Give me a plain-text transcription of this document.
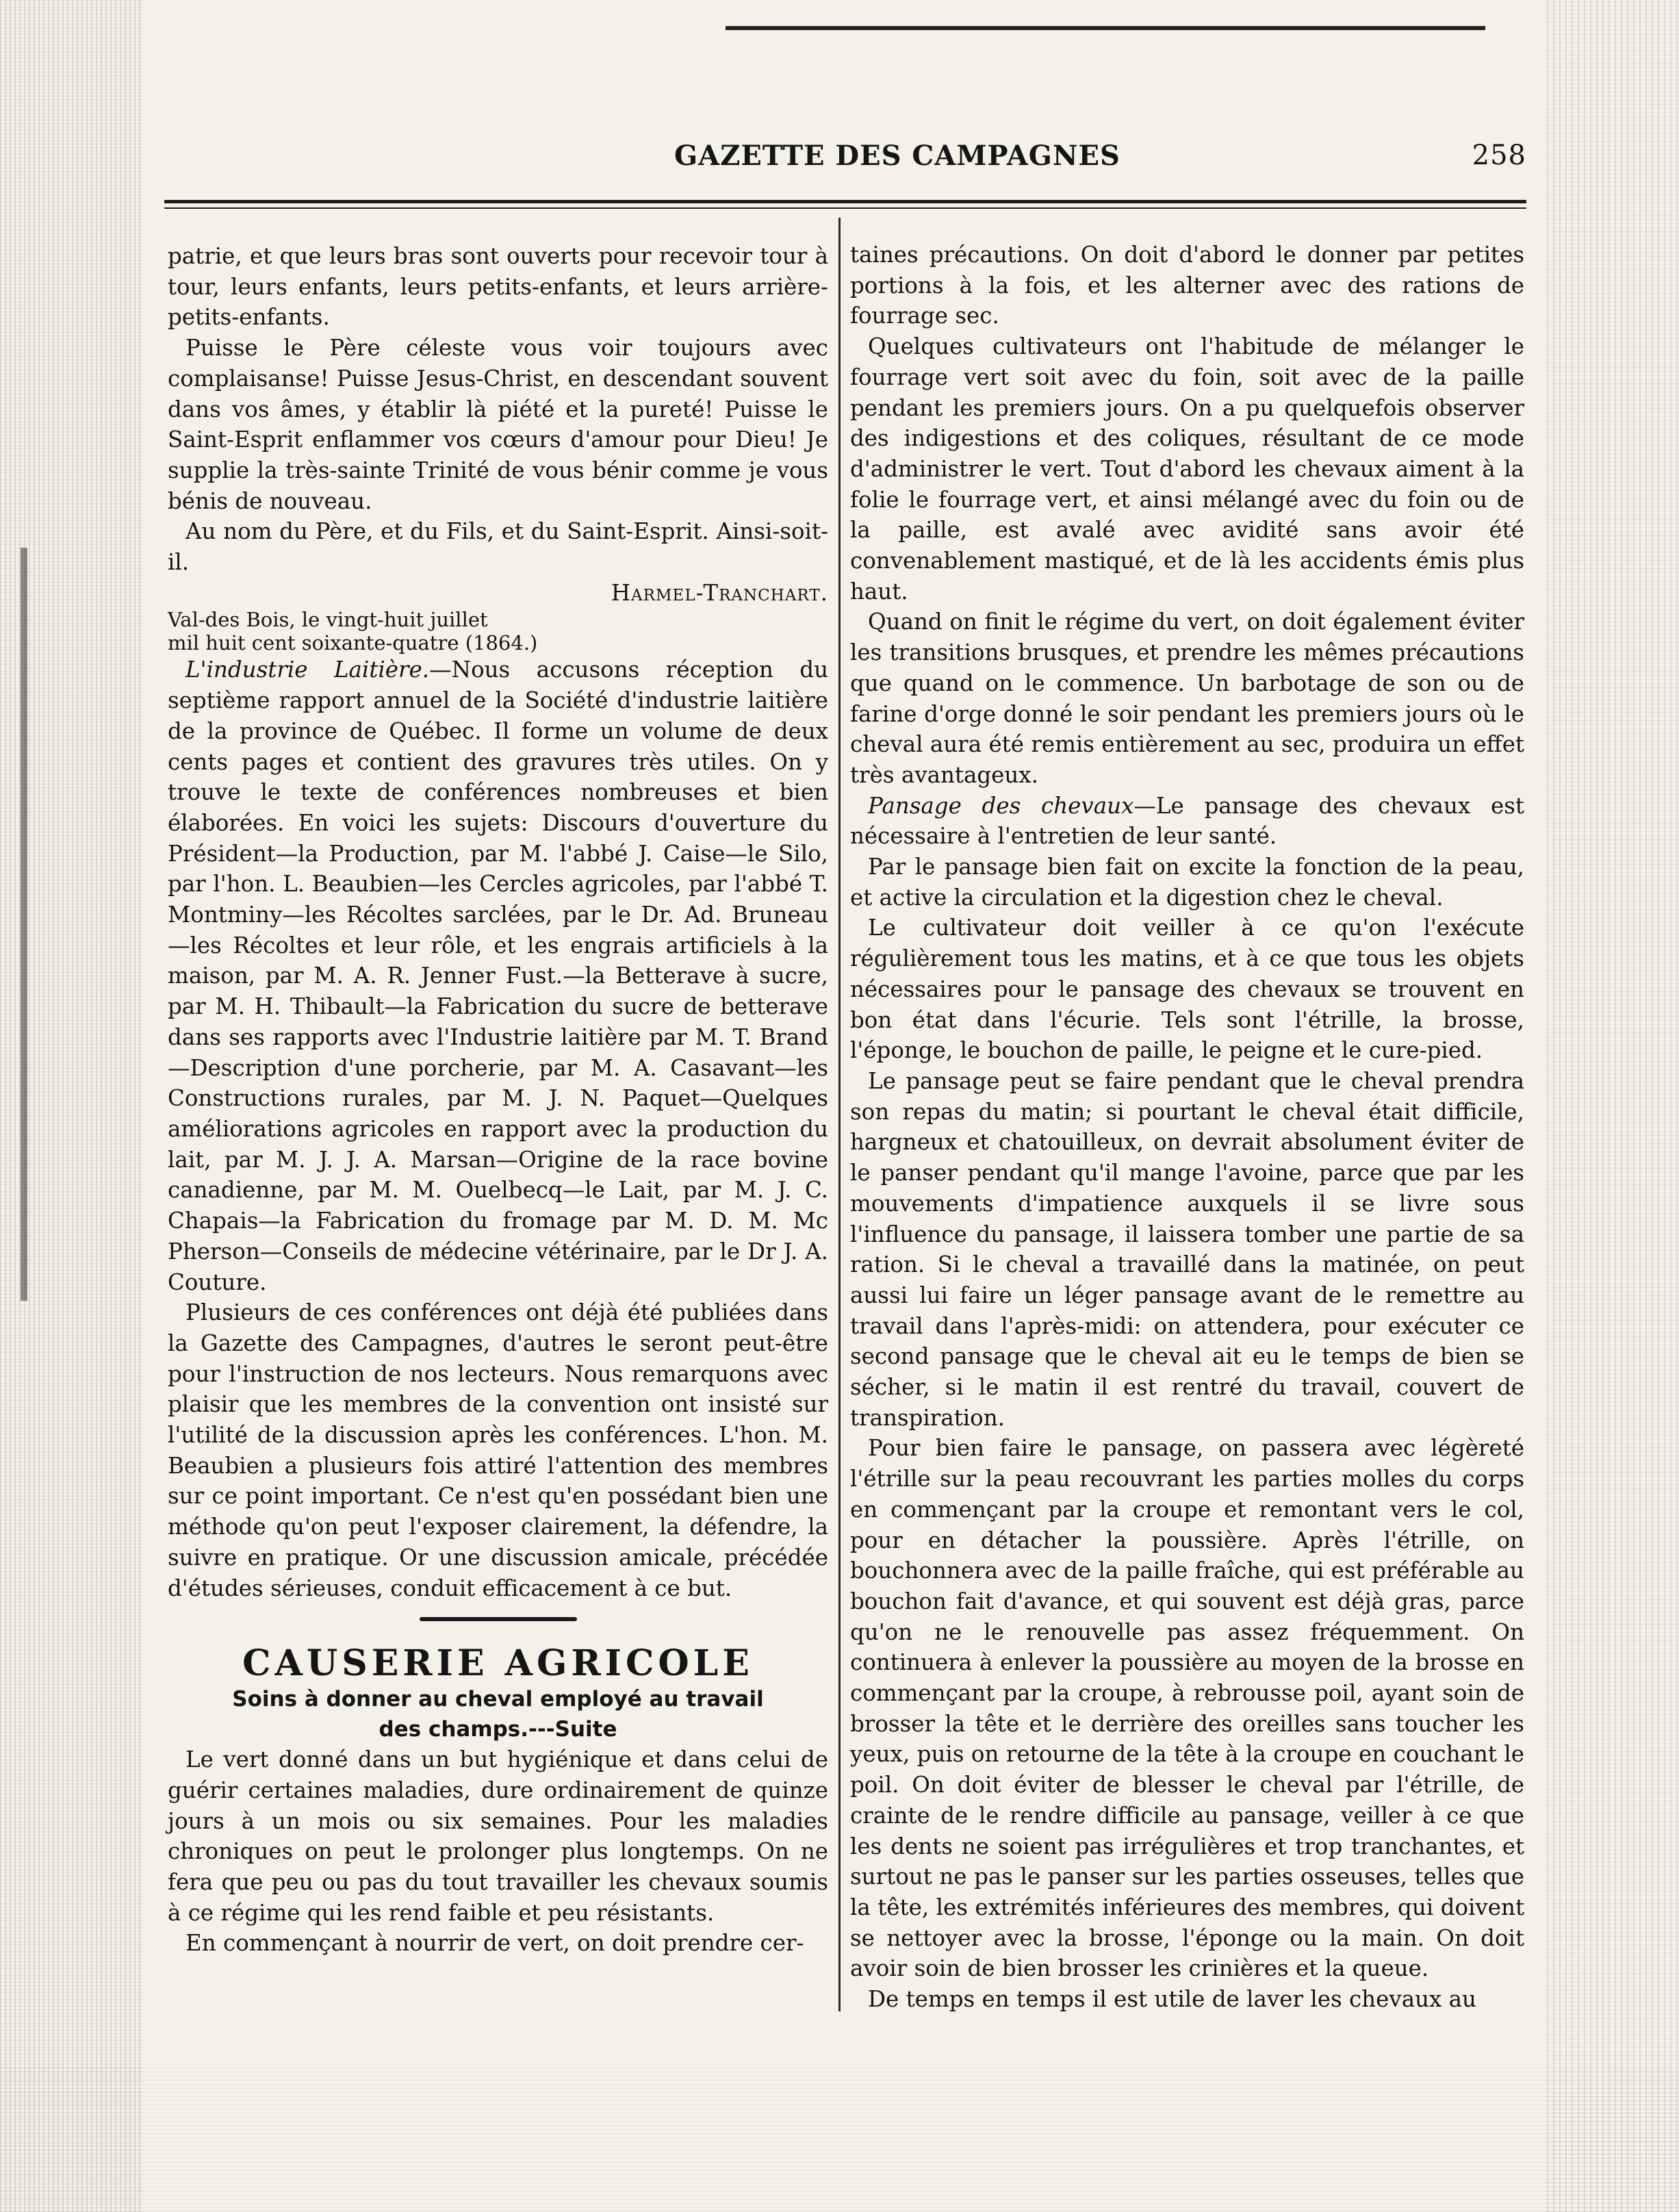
GAZETTE DES CAMPAGNES	258

patrie, et que leurs bras sont ouverts pour recevoir tour à tour, leurs enfants, leurs petits-enfants, et leurs arrière-petits-enfants.

Puisse le Père céleste vous voir toujours avec complaisanse! Puisse Jesus-Christ, en descendant souvent dans vos âmes, y établir là piété et la pureté! Puisse le Saint-Esprit enflammer vos cœurs d'amour pour Dieu! Je supplie la très-sainte Trinité de vous bénir comme je vous bénis de nouveau.

Au nom du Père, et du Fils, et du Saint-Esprit. Ainsi-soit-il.

Harmel-Tranchart.

Val-des Bois, le vingt-huit juillet
mil huit cent soixante-quatre (1864.)

L'industrie Laitière.—Nous accusons réception du septième rapport annuel de la Société d'industrie laitière de la province de Québec. Il forme un volume de deux cents pages et contient des gravures très utiles. On y trouve le texte de conférences nombreuses et bien élaborées. En voici les sujets: Discours d'ouverture du Président—la Production, par M. l'abbé J. Caise—le Silo, par l'hon. L. Beaubien—les Cercles agricoles, par l'abbé T. Montminy—les Récoltes sarclées, par le Dr. Ad. Bruneau—les Récoltes et leur rôle, et les engrais artificiels à la maison, par M. A. R. Jenner Fust.—la Betterave à sucre, par M. H. Thibault—la Fabrication du sucre de betterave dans ses rapports avec l'Industrie laitière par M. T. Brand—Description d'une porcherie, par M. A. Casavant—les Constructions rurales, par M. J. N. Paquet—Quelques améliorations agricoles en rapport avec la production du lait, par M. J. J. A. Marsan—Origine de la race bovine canadienne, par M. M. Ouelbecq—le Lait, par M. J. C. Chapais—la Fabrication du fromage par M. D. M. Mc Pherson—Conseils de médecine vétérinaire, par le Dr J. A. Couture.

Plusieurs de ces conférences ont déjà été publiées dans la Gazette des Campagnes, d'autres le seront peut-être pour l'instruction de nos lecteurs. Nous remarquons avec plaisir que les membres de la convention ont insisté sur l'utilité de la discussion après les conférences. L'hon. M. Beaubien a plusieurs fois attiré l'attention des membres sur ce point important. Ce n'est qu'en possédant bien une méthode qu'on peut l'exposer clairement, la défendre, la suivre en pratique. Or une discussion amicale, précédée d'études sérieuses, conduit efficacement à ce but.

CAUSERIE AGRICOLE

Soins à donner au cheval employé au travail
des champs.---Suite

Le vert donné dans un but hygiénique et dans celui de guérir certaines maladies, dure ordinairement de quinze jours à un mois ou six semaines. Pour les maladies chroniques on peut le prolonger plus longtemps. On ne fera que peu ou pas du tout travailler les chevaux soumis à ce régime qui les rend faible et peu résistants.

En commençant à nourrir de vert, on doit prendre cer-

taines précautions. On doit d'abord le donner par petites portions à la fois, et les alterner avec des rations de fourrage sec.

Quelques cultivateurs ont l'habitude de mélanger le fourrage vert soit avec du foin, soit avec de la paille pendant les premiers jours. On a pu quelquefois observer des indigestions et des coliques, résultant de ce mode d'administrer le vert. Tout d'abord les chevaux aiment à la folie le fourrage vert, et ainsi mélangé avec du foin ou de la paille, est avalé avec avidité sans avoir été convenablement mastiqué, et de là les accidents émis plus haut.

Quand on finit le régime du vert, on doit également éviter les transitions brusques, et prendre les mêmes précautions que quand on le commence. Un barbotage de son ou de farine d'orge donné le soir pendant les premiers jours où le cheval aura été remis entièrement au sec, produira un effet très avantageux.

Pansage des chevaux—Le pansage des chevaux est nécessaire à l'entretien de leur santé.

Par le pansage bien fait on excite la fonction de la peau, et active la circulation et la digestion chez le cheval.

Le cultivateur doit veiller à ce qu'on l'exécute régulièrement tous les matins, et à ce que tous les objets nécessaires pour le pansage des chevaux se trouvent en bon état dans l'écurie. Tels sont l'étrille, la brosse, l'éponge, le bouchon de paille, le peigne et le cure-pied.

Le pansage peut se faire pendant que le cheval prendra son repas du matin; si pourtant le cheval était difficile, hargneux et chatouilleux, on devrait absolument éviter de le panser pendant qu'il mange l'avoine, parce que par les mouvements d'impatience auxquels il se livre sous l'influence du pansage, il laissera tomber une partie de sa ration. Si le cheval a travaillé dans la matinée, on peut aussi lui faire un léger pansage avant de le remettre au travail dans l'après-midi: on attendera, pour exécuter ce second pansage que le cheval ait eu le temps de bien se sécher, si le matin il est rentré du travail, couvert de transpiration.

Pour bien faire le pansage, on passera avec légèreté l'étrille sur la peau recouvrant les parties molles du corps en commençant par la croupe et remontant vers le col, pour en détacher la poussière. Après l'étrille, on bouchonnera avec de la paille fraîche, qui est préférable au bouchon fait d'avance, et qui souvent est déjà gras, parce qu'on ne le renouvelle pas assez fréquemment. On continuera à enlever la poussière au moyen de la brosse en commençant par la croupe, à rebrousse poil, ayant soin de brosser la tête et le derrière des oreilles sans toucher les yeux, puis on retourne de la tête à la croupe en couchant le poil. On doit éviter de blesser le cheval par l'étrille, de crainte de le rendre difficile au pansage, veiller à ce que les dents ne soient pas irrégulières et trop tranchantes, et surtout ne pas le panser sur les parties osseuses, telles que la tête, les extrémités inférieures des membres, qui doivent se nettoyer avec la brosse, l'éponge ou la main. On doit avoir soin de bien brosser les crinières et la queue.

De temps en temps il est utile de laver les chevaux au
